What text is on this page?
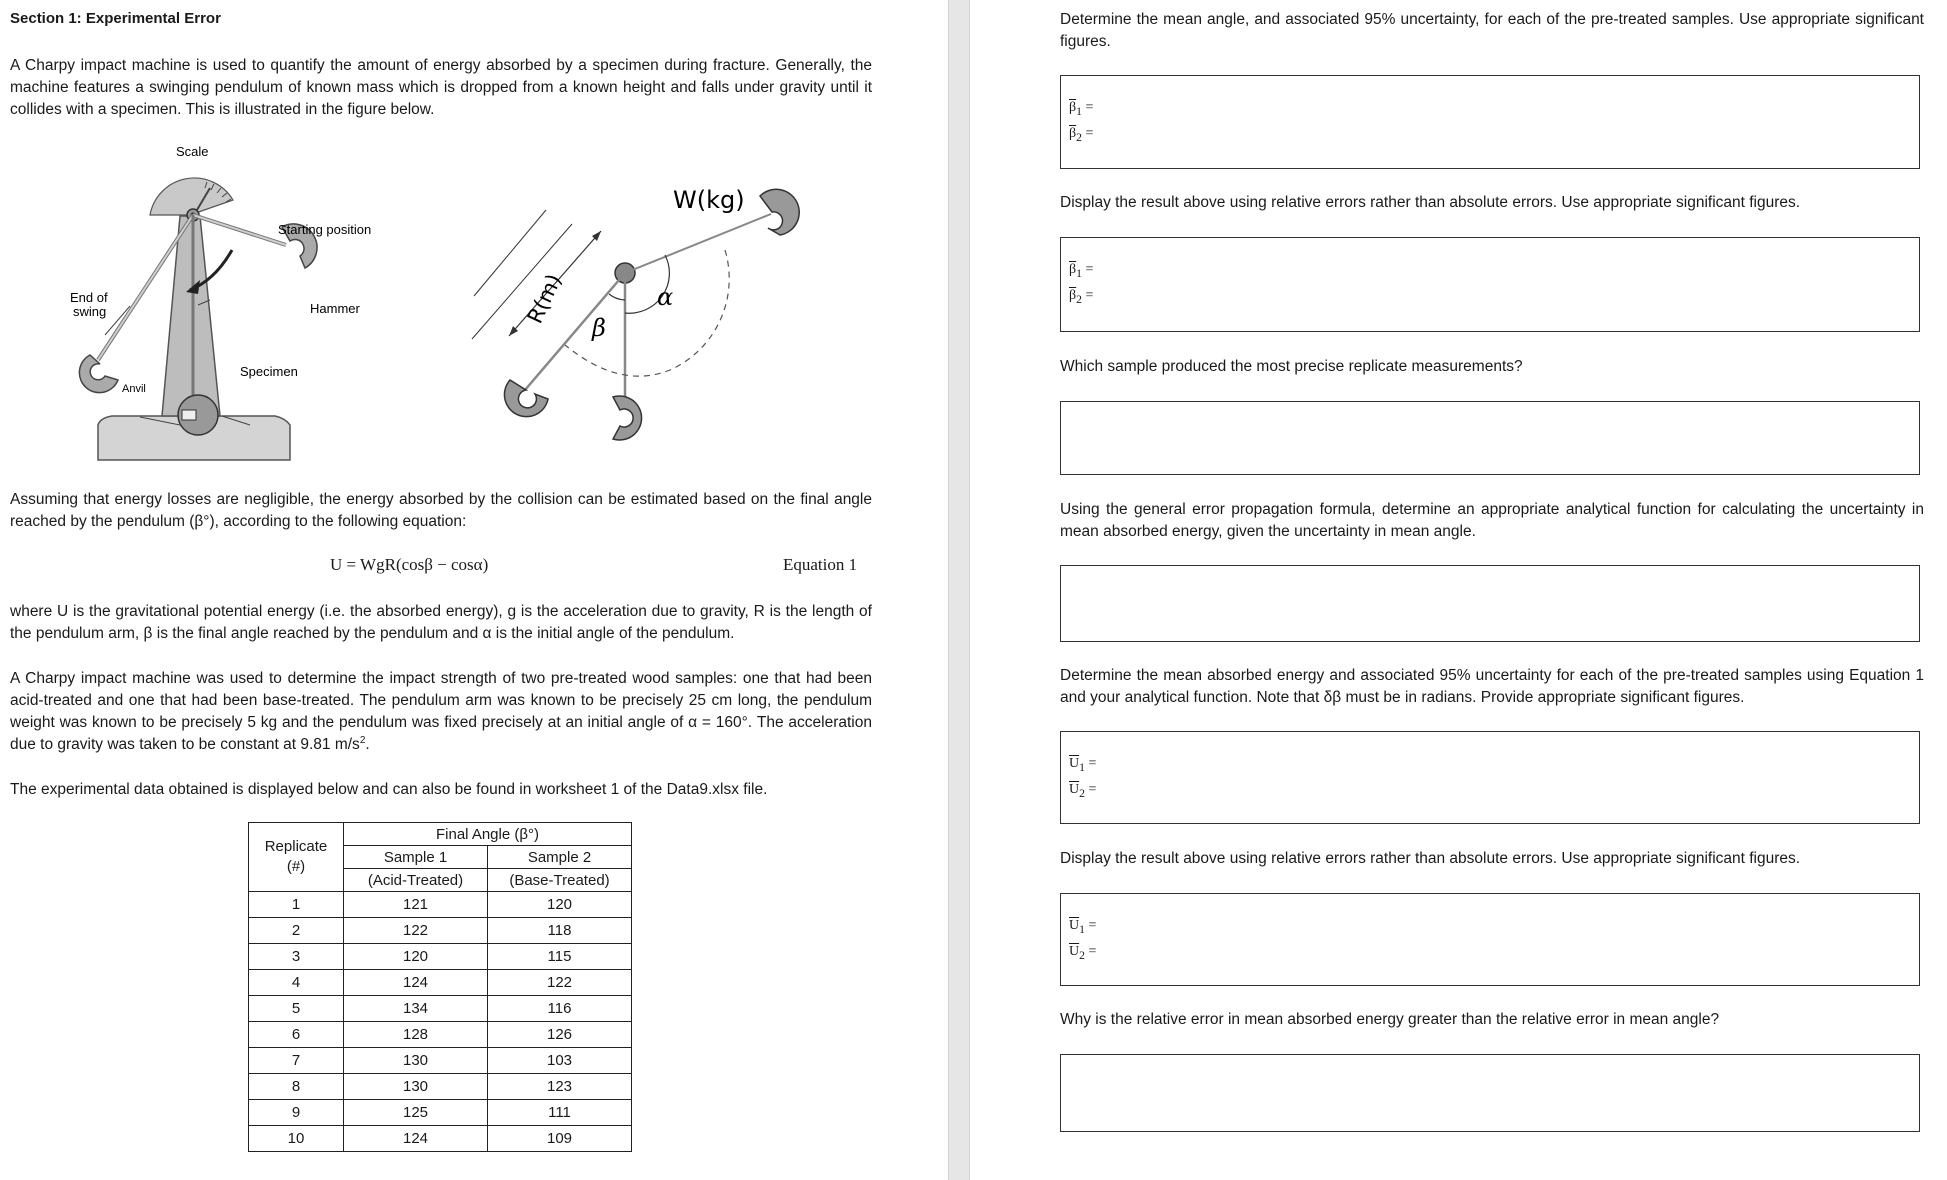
Section 1: Experimental Error
A Charpy impact machine is used to quantify the amount of energy absorbed by a specimen during fracture. Generally, the machine features a swinging pendulum of known mass which is dropped from a known height and falls under gravity until it collides with a specimen. This is illustrated in the figure below.
Scale
Starting position
End of
swing	Hammer
Specimen
Anvil
W(kg)
R(m)	α
β
Assuming that energy losses are negligible, the energy absorbed by the collision can be estimated based on the final angle reached by the pendulum (β°), according to the following equation:
U = WgR(cosβ − cosα)	Equation 1
where U is the gravitational potential energy (i.e. the absorbed energy), g is the acceleration due to gravity, R is the length of the pendulum arm, β is the final angle reached by the pendulum and α is the initial angle of the pendulum.
A Charpy impact machine was used to determine the impact strength of two pre-treated wood samples: one that had been acid-treated and one that had been base-treated. The pendulum arm was known to be precisely 25 cm long, the pendulum weight was known to be precisely 5 kg and the pendulum was fixed precisely at an initial angle of α = 160°. The acceleration due to gravity was taken to be constant at 9.81 $m/s^2$.
The experimental data obtained is displayed below and can also be found in worksheet 1 of the Data9.xlsx file.
Replicate
(#)	Final Angle (β°)	
	Sample 1	Sample 2
	(Acid-Treated)	(Base-Treated)
1	121	120
2	122	118
3	120	115
4	124	122
5	134	116
6	128	126
7	130	103
8	130	123
9	125	111
10	124	109
Determine the mean angle, and associated 95% uncertainty, for each of the pre-treated samples. Use appropriate significant figures.
$\overline{\beta}_1$ =
$\overline{\beta}_2$ =
Display the result above using relative errors rather than absolute errors. Use appropriate significant figures.
$\overline{\beta}_1$ =
$\overline{\beta}_2$ =
Which sample produced the most precise replicate measurements?
Using the general error propagation formula, determine an appropriate analytical function for calculating the uncertainty in mean absorbed energy, given the uncertainty in mean angle.
Determine the mean absorbed energy and associated 95% uncertainty for each of the pre-treated samples using Equation 1 and your analytical function. Note that δβ must be in radians. Provide appropriate significant figures.
$\overline{U}_1$ =
$\overline{U}_2$ =
Display the result above using relative errors rather than absolute errors. Use appropriate significant figures.
$\overline{U}_1$ =
$\overline{U}_2$ =
Why is the relative error in mean absorbed energy greater than the relative error in mean angle?
